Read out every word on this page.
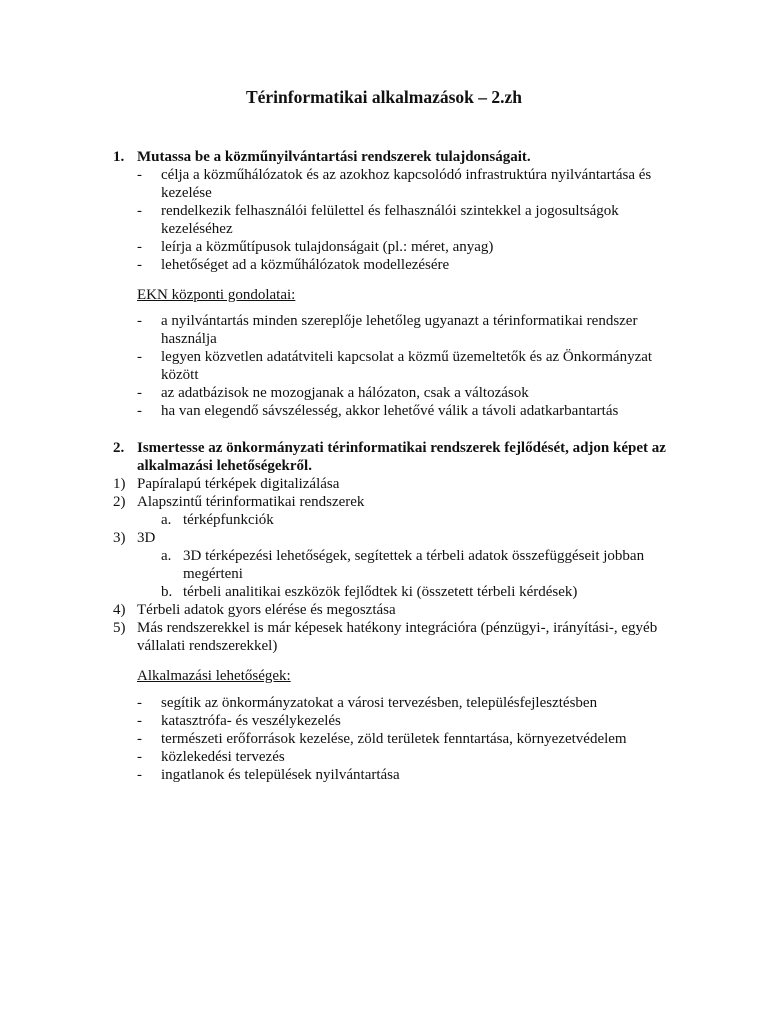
Térinformatikai alkalmazások – 2.zh
1. Mutassa be a közműnyilvántartási rendszerek tulajdonságait.
- célja a közműhálózatok és az azokhoz kapcsolódó infrastruktúra nyilvántartása és kezelése
- rendelkezik felhasználói felülettel és felhasználói szintekkel a jogosultságok kezeléséhez
- leírja a közműtípusok tulajdonságait (pl.: méret, anyag)
- lehetőséget ad a közműhálózatok modellezésére
EKN központi gondolatai:
- a nyilvántartás minden szereplője lehetőleg ugyanazt a térinformatikai rendszer használja
- legyen közvetlen adatátviteli kapcsolat a közmű üzemeltetők és az Önkormányzat között
- az adatbázisok ne mozogjanak a hálózaton, csak a változások
- ha van elegendő sávszélesség, akkor lehetővé válik a távoli adatkarbantartás
2. Ismertesse az önkormányzati térinformatikai rendszerek fejlődését, adjon képet az alkalmazási lehetőségekről.
1) Papíralapú térképek digitalizálása
2) Alapszintű térinformatikai rendszerek
a. térképfunkciók
3) 3D
a. 3D térképezési lehetőségek, segítettek a térbeli adatok összefüggéseit jobban megérteni
b. térbeli analitikai eszközök fejlődtek ki (összetett térbeli kérdések)
4) Térbeli adatok gyors elérése és megosztása
5) Más rendszerekkel is már képesek hatékony integrációra (pénzügyi-, irányítási-, egyéb vállalati rendszerekkel)
Alkalmazási lehetőségek:
- segítik az önkormányzatokat a városi tervezésben, településfejlesztésben
- katasztrófa- és veszélykezelés
- természeti erőforrások kezelése, zöld területek fenntartása, környezetvédelem
- közlekedési tervezés
- ingatlanok és települések nyilvántartása
